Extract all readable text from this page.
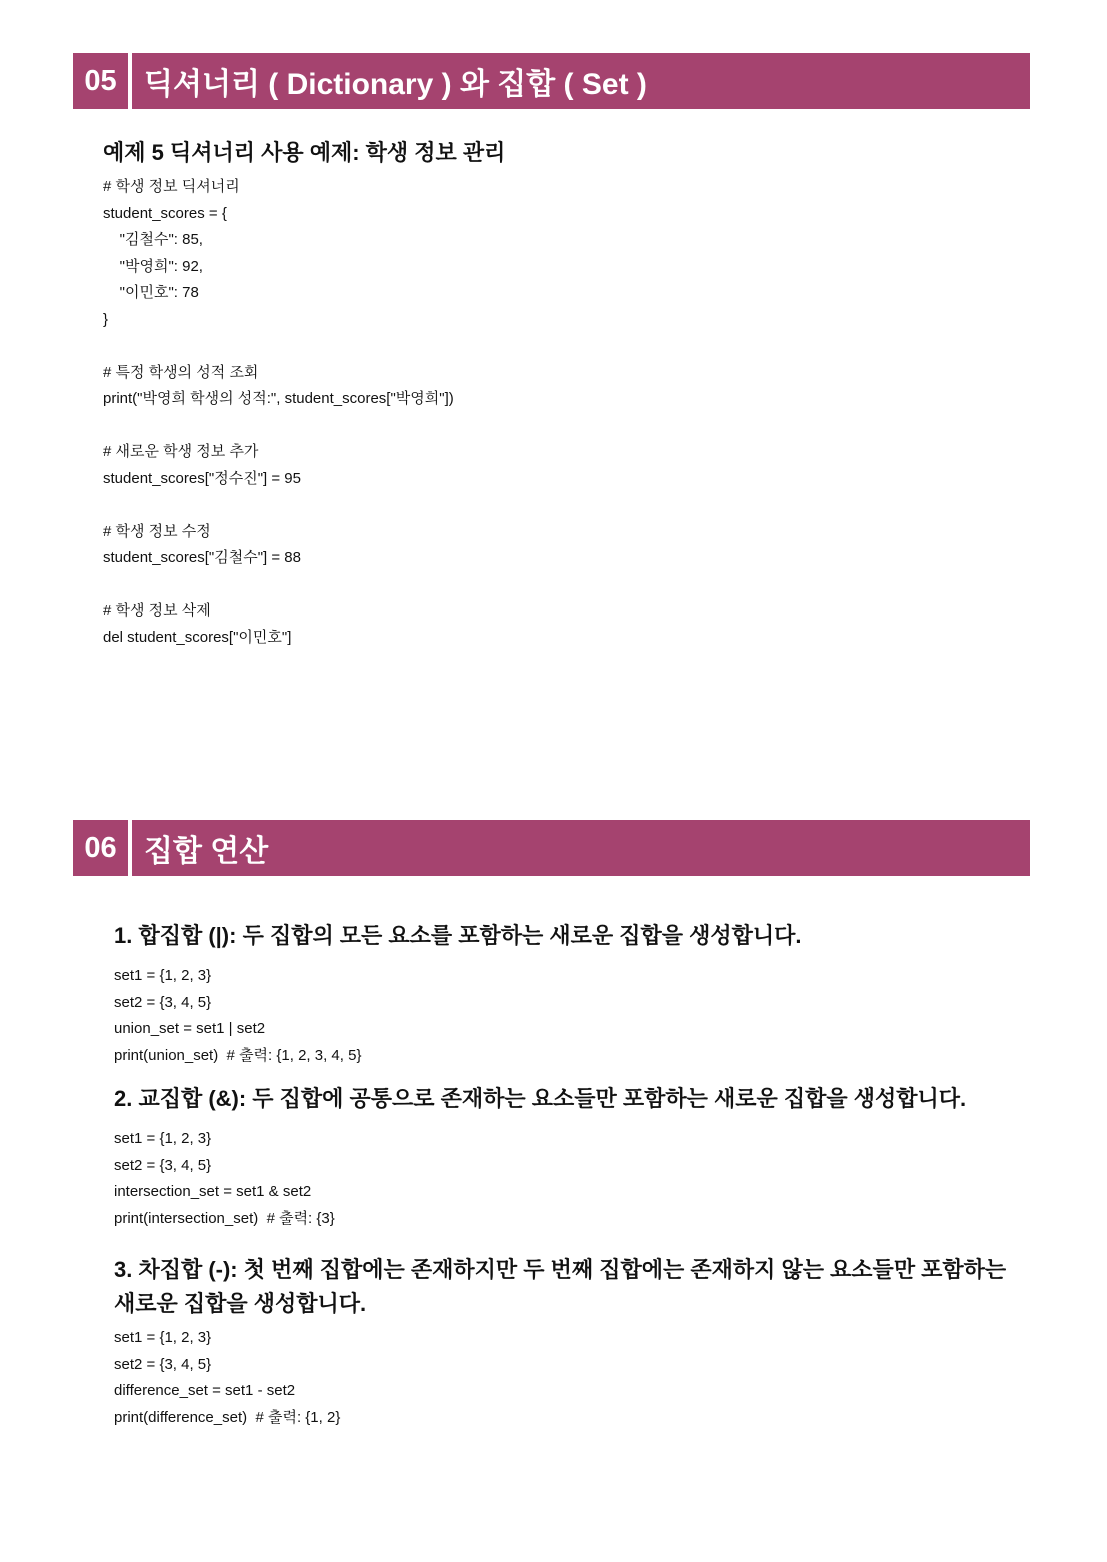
05 딕셔너리 ( Dictionary ) 와 집합 ( Set )
예제 5 딕셔너리 사용 예제: 학생 정보 관리
# 학생 정보 딕셔너리
student_scores = {
"김철수": 85,
"박영희": 92,
"이민호": 78
}
# 특정 학생의 성적 조회
print("박영희 학생의 성적:", student_scores["박영희"])
# 새로운 학생 정보 추가
student_scores["정수진"] = 95
# 학생 정보 수정
student_scores["김철수"] = 88
# 학생 정보 삭제
del student_scores["이민호"]
06 집합 연산
1. 합집합 (|): 두 집합의 모든 요소를 포함하는 새로운 집합을 생성합니다.
set1 = {1, 2, 3}
set2 = {3, 4, 5}
union_set = set1 | set2
print(union_set)  # 출력: {1, 2, 3, 4, 5}
2. 교집합 (&): 두 집합에 공통으로 존재하는 요소들만 포함하는 새로운 집합을 생성합니다.
set1 = {1, 2, 3}
set2 = {3, 4, 5}
intersection_set = set1 & set2
print(intersection_set)  # 출력: {3}
3. 차집합 (-): 첫 번째 집합에는 존재하지만 두 번째 집합에는 존재하지 않는 요소들만 포함하는 새로운 집합을 생성합니다.
set1 = {1, 2, 3}
set2 = {3, 4, 5}
difference_set = set1 - set2
print(difference_set)  # 출력: {1, 2}
